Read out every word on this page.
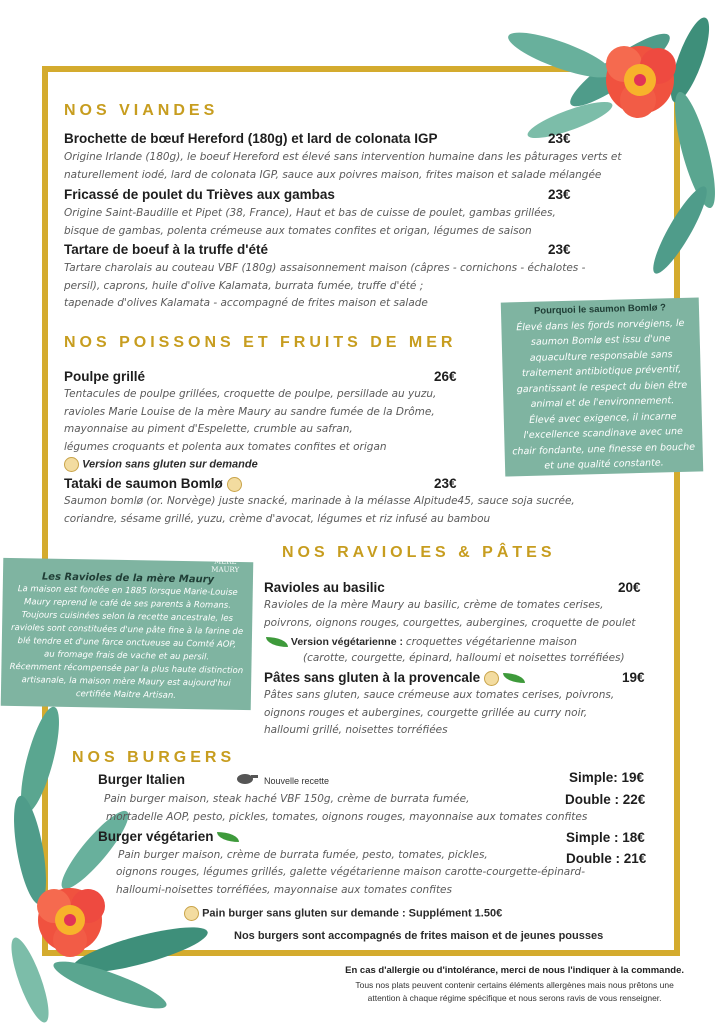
NOS VIANDES
Brochette de bœuf Hereford (180g) et lard de colonata IGP	23€
Origine Irlande (180g), le boeuf Hereford est élevé sans intervention humaine dans les pâturages verts et
naturellement iodé, lard de colonata IGP, sauce aux poivres maison, frites maison et salade mélangée
Fricassé de poulet du Trièves aux gambas	23€
Origine Saint-Baudille et Pipet (38, France), Haut et bas de cuisse de poulet, gambas grillées,
bisque de gambas, polenta crémeuse aux tomates confites et origan, légumes de saison
Tartare de boeuf à la truffe d'été	23€
Tartare charolais au couteau VBF (180g) assaisonnement maison (câpres - cornichons - échalotes -
persil), caprons, huile d'olive Kalamata, burrata fumée, truffe d'été ;
tapenade d'olives Kalamata - accompagné de frites maison et salade	Pourquoi le saumon Bomlø ?
Élevé dans les fjords norvégiens, le
saumon Bomlø est issu d'une
aquaculture responsable sans
traitement antibiotique préventif,
garantissant le respect du bien être
animal et de l'environnement.
Élevé avec exigence, il incarne
l'excellence scandinave avec une
chair fondante, une finesse en bouche
et une qualité constante.
NOS POISSONS ET FRUITS DE MER
Poulpe grillé	26€
Tentacules de poulpe grillées, croquette de poulpe, persillade au yuzu,
ravioles Marie Louise de la mère Maury au sandre fumée de la Drôme,
mayonnaise au piment d'Espelette, crumble au safran,
légumes croquants et polenta aux tomates confites et origan
Version sans gluten sur demande
Tataki de saumon Bomlø	23€
Saumon bomlø (or. Norvège) juste snacké, marinade à la mélasse Alpitude45, sauce soja sucrée,
coriandre, sésame grillé, yuzu, crème d'avocat, légumes et riz infusé au bambou
NOS RAVIOLES & PÂTES
MÈRE
MAURY
Les Ravioles de la mère Maury
La maison est fondée en 1885 lorsque Marie-Louise
Maury reprend le café de ses parents à Romans.
Toujours cuisinées selon la recette ancestrale, les
ravioles sont constituées d'une pâte fine à la farine de
blé tendre et d'une farce onctueuse au Comté AOP,
au fromage frais de vache et au persil.
Récemment récompensée par la plus haute distinction
artisanale, la maison mère Maury est aujourd'hui
certifiée Maitre Artisan.
Ravioles au basilic	20€
Ravioles de la mère Maury au basilic, crème de tomates cerises,
poivrons, oignons rouges, courgettes, aubergines, croquette de poulet
Version végétarienne : croquettes végétarienne maison
(carotte, courgette, épinard, halloumi et noisettes torréfiées)
Pâtes sans gluten à la provencale	19€
Pâtes sans gluten, sauce crémeuse aux tomates cerises, poivrons,
oignons rouges et aubergines, courgette grillée au curry noir,
halloumi grillé, noisettes torréfiées
NOS BURGERS
Burger Italien	Nouvelle recette	Simple: 19€
Double : 22€
Pain burger maison, steak haché VBF 150g, crème de burrata fumée,
mortadelle AOP, pesto, pickles, tomates, oignons rouges, mayonnaise aux tomates confites
Burger végétarien	Simple : 18€
Double : 21€
Pain burger maison, crème de burrata fumée, pesto, tomates, pickles,
oignons rouges, légumes grillés, galette végétarienne maison carotte-courgette-épinard-
halloumi-noisettes torréfiées, mayonnaise aux tomates confites
Pain burger sans gluten sur demande : Supplément 1.50€
Nos burgers sont accompagnés de frites maison et de jeunes pousses
En cas d'allergie ou d'intolérance, merci de nous l'indiquer à la commande.
Tous nos plats peuvent contenir certains éléments allergènes mais nous prêtons une
attention à chaque régime spécifique et nous serons ravis de vous renseigner.
